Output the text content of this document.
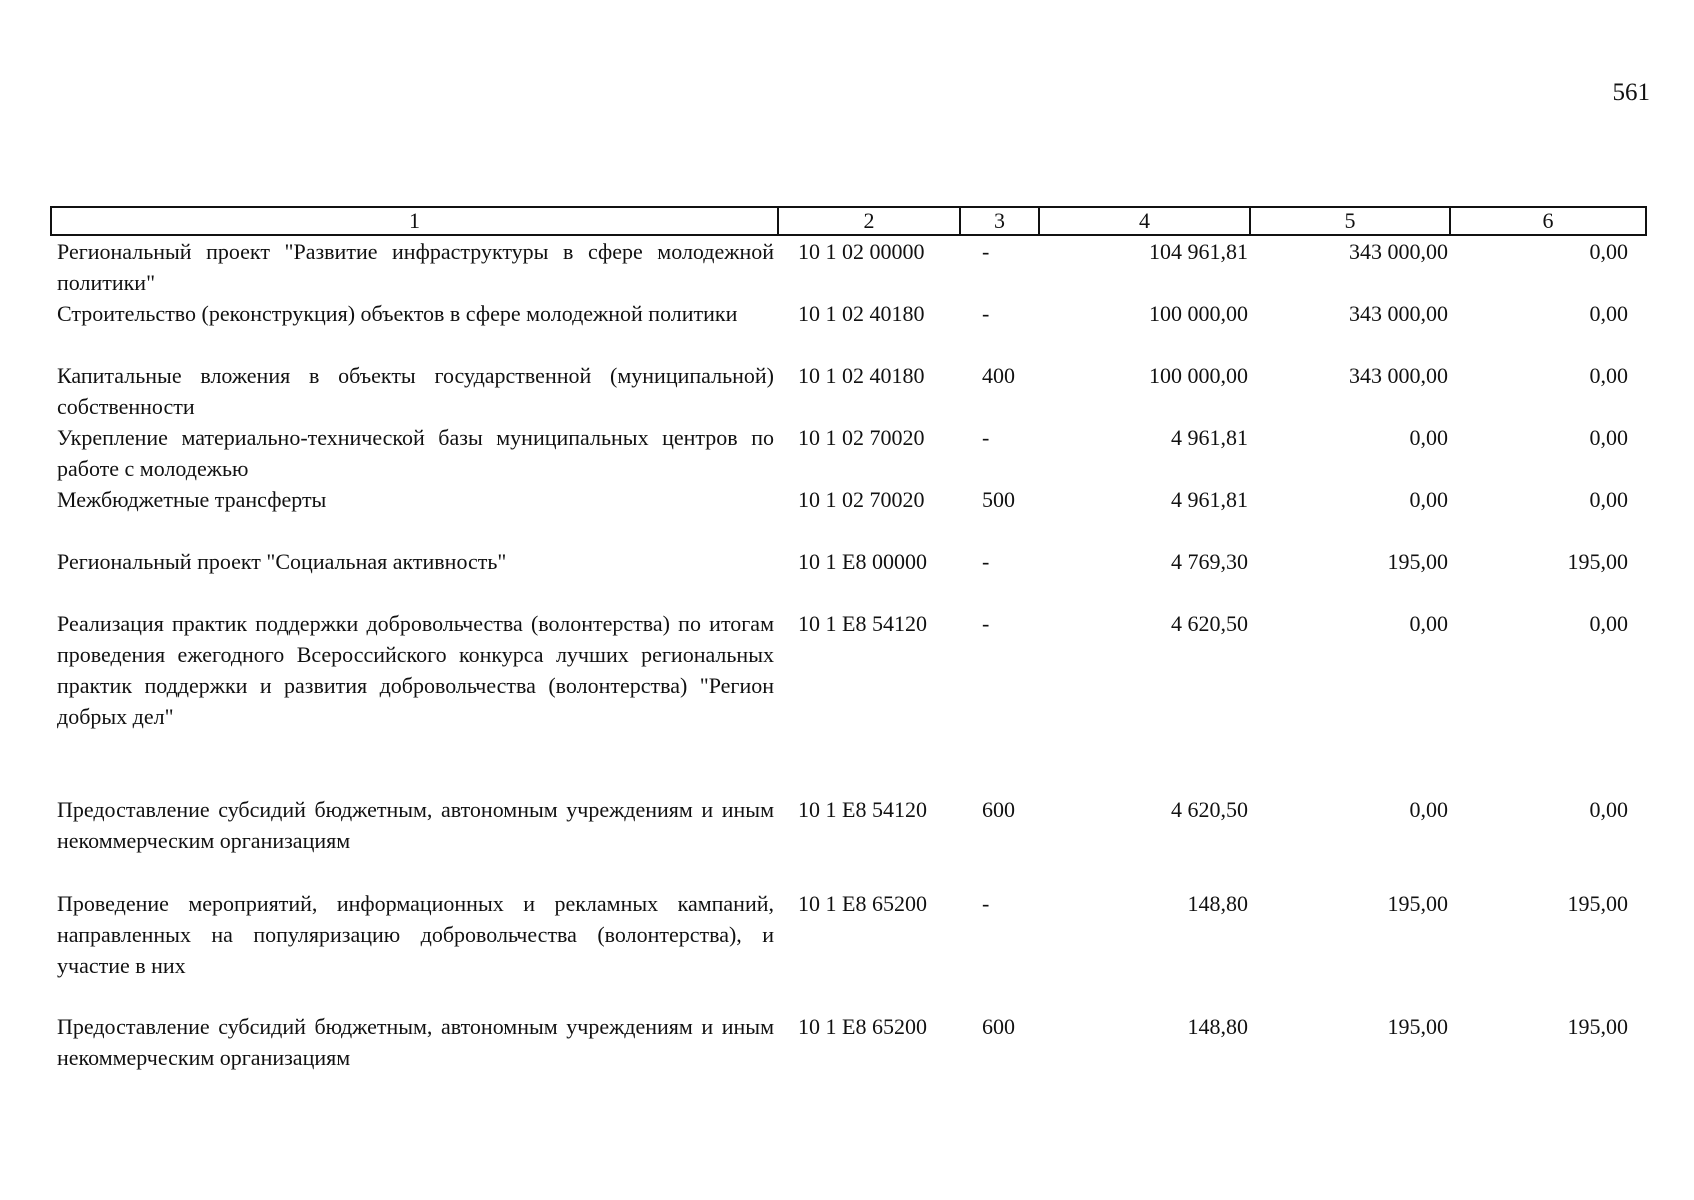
561
1	2	3	4	5	6
Региональный проект "Развитие инфраструктуры в сфере молодежной политики"	10 1 02 00000	-	104 961,81	343 000,00	0,00
Строительство (реконструкция) объектов в сфере молодежной политики	10 1 02 40180	-	100 000,00	343 000,00	0,00
Капитальные вложения в объекты государственной (муниципальной) собственности	10 1 02 40180	400	100 000,00	343 000,00	0,00
Укрепление материально-технической базы муниципальных центров по работе с молодежью	10 1 02 70020	-	4 961,81	0,00	0,00
Межбюджетные трансферты	10 1 02 70020	500	4 961,81	0,00	0,00
Региональный проект "Социальная активность"	10 1 E8 00000	-	4 769,30	195,00	195,00
Реализация практик поддержки добровольчества (волонтерства) по итогам проведения ежегодного Всероссийского конкурса лучших региональных практик поддержки и развития добровольчества (волонтерства) "Регион добрых дел"	10 1 E8 54120	-	4 620,50	0,00	0,00
Предоставление субсидий бюджетным, автономным учреждениям и иным некоммерческим организациям	10 1 E8 54120	600	4 620,50	0,00	0,00
Проведение мероприятий, информационных и рекламных кампаний, направленных на популяризацию добровольчества (волонтерства), и участие в них	10 1 E8 65200	-	148,80	195,00	195,00
Предоставление субсидий бюджетным, автономным учреждениям и иным некоммерческим организациям	10 1 E8 65200	600	148,80	195,00	195,00
